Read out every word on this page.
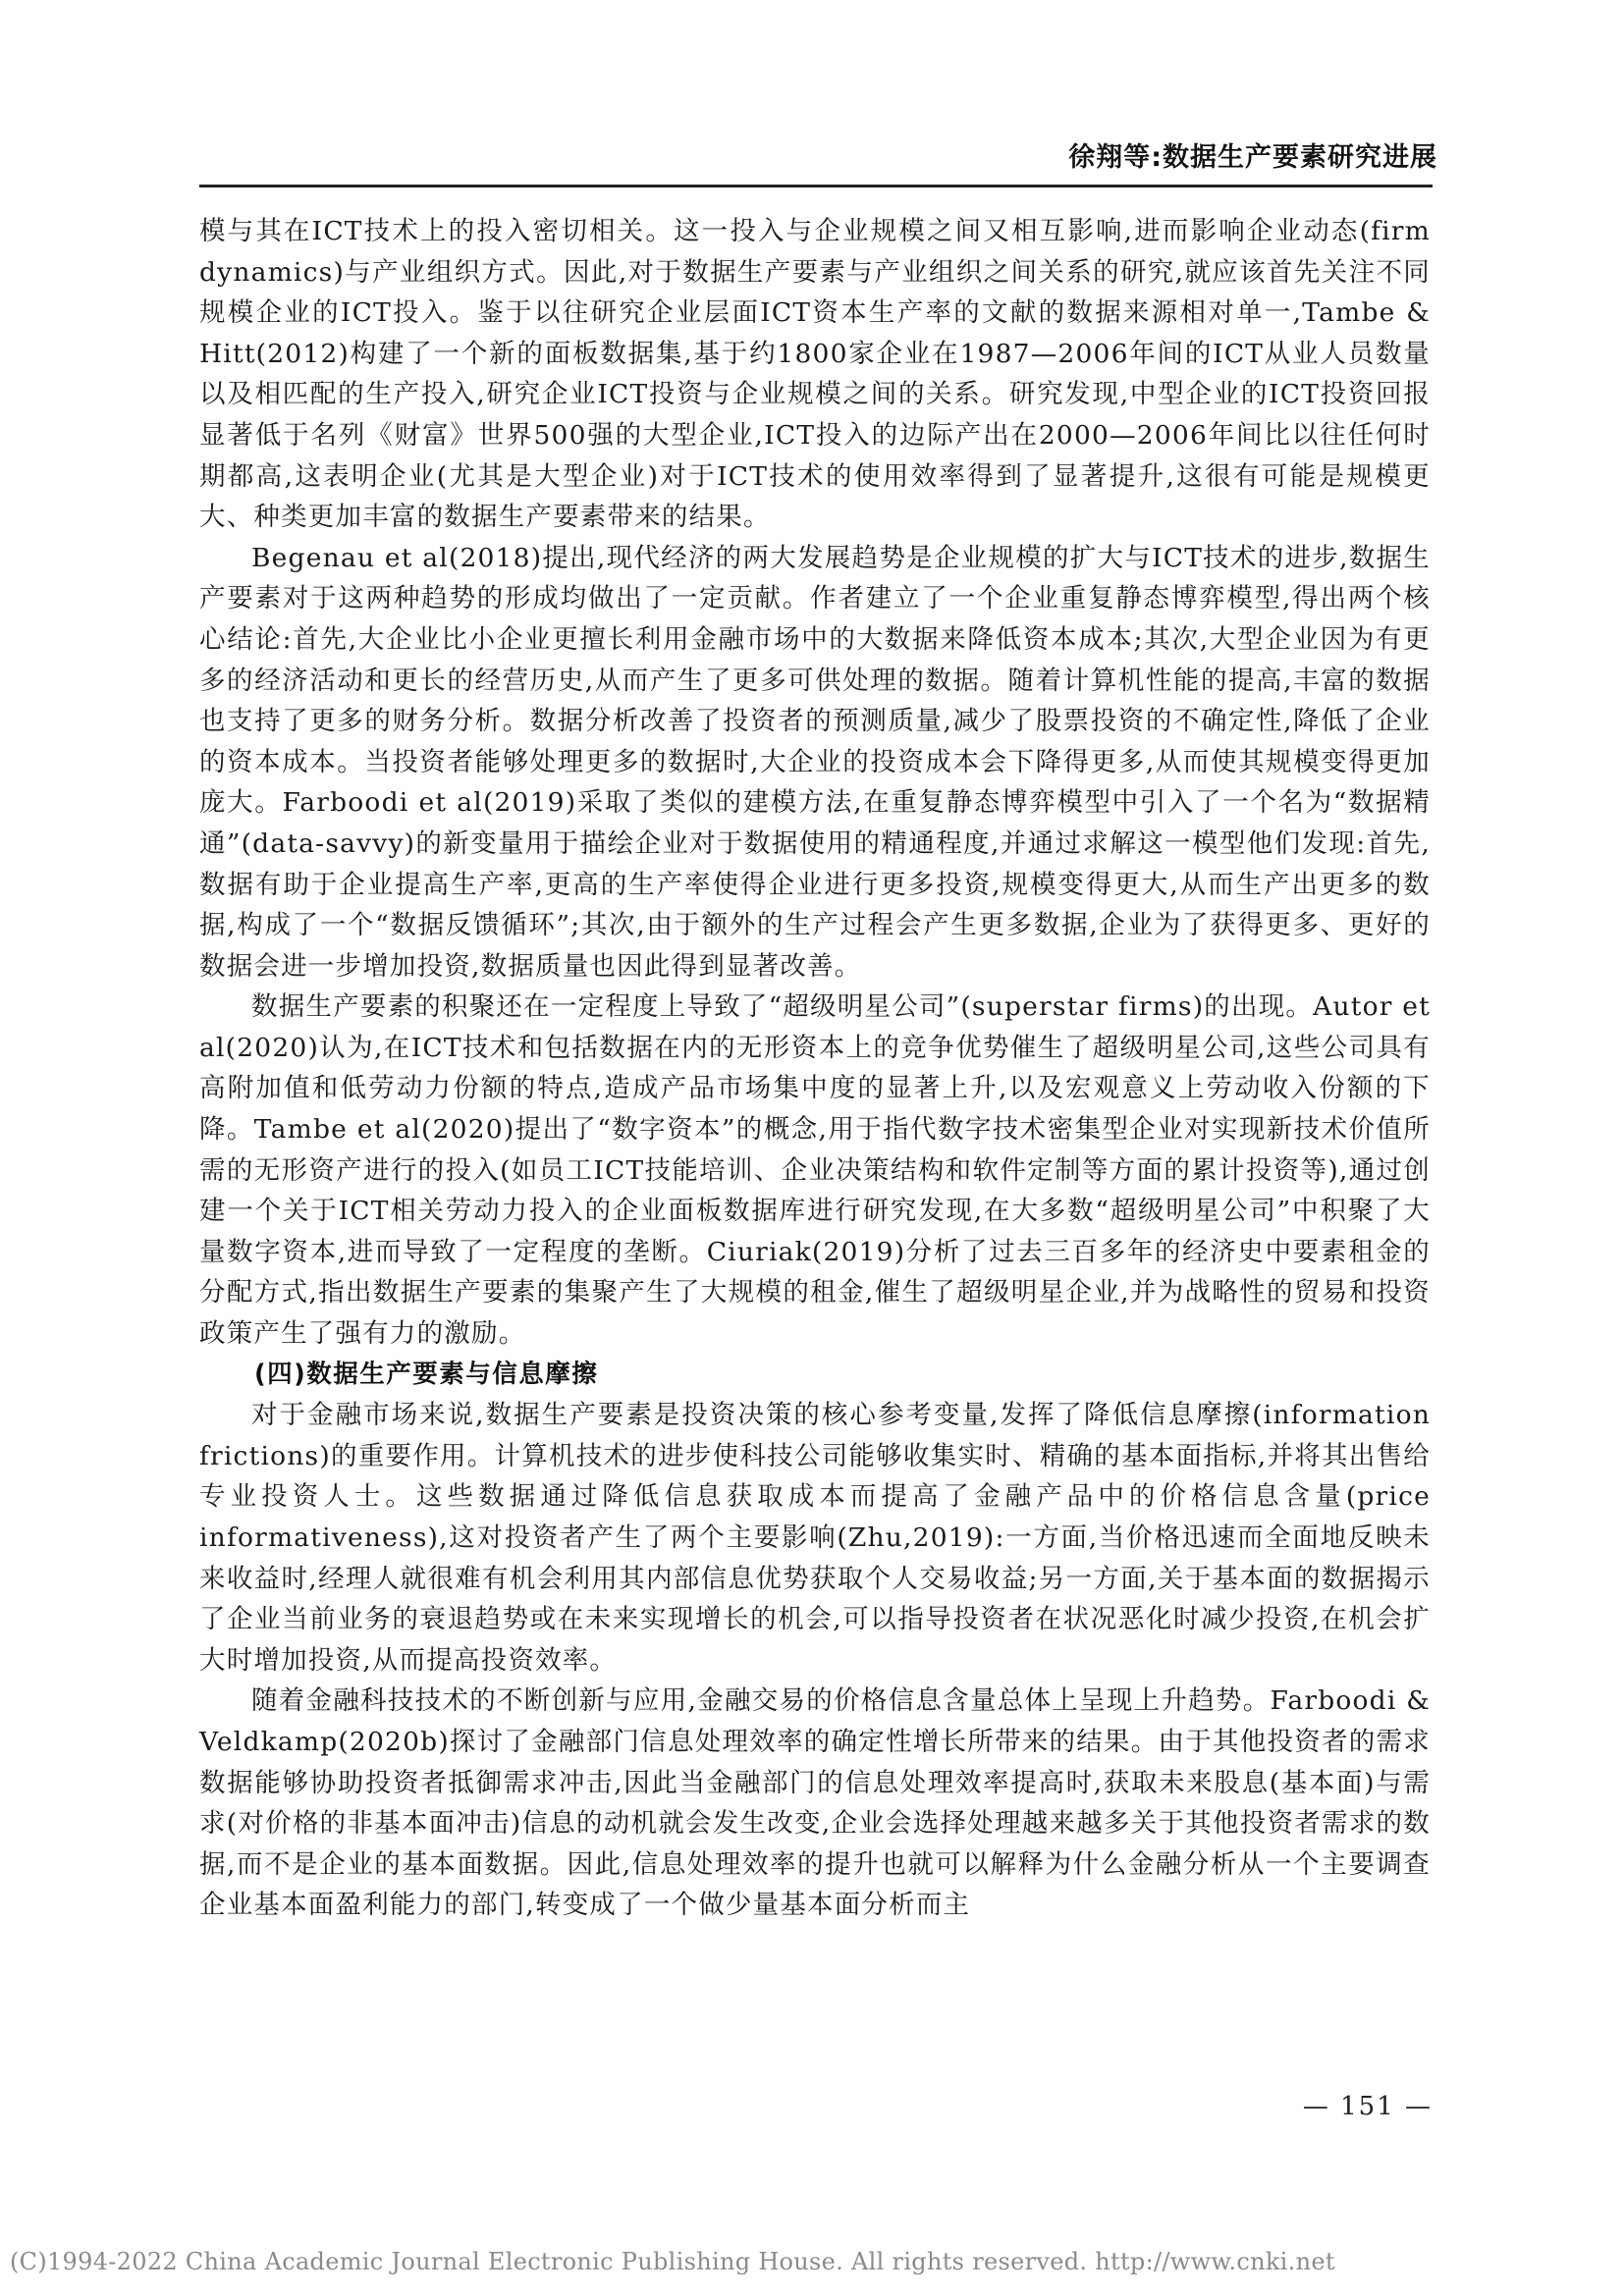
徐翔等:数据生产要素研究进展

模与其在ICT技术上的投入密切相关。这一投入与企业规模之间又相互影响,进而影响企业动态(firm dynamics)与产业组织方式。因此,对于数据生产要素与产业组织之间关系的研究,就应该首先关注不同规模企业的ICT投入。鉴于以往研究企业层面ICT资本生产率的文献的数据来源相对单一,Tambe & Hitt(2012)构建了一个新的面板数据集,基于约1800家企业在1987—2006年间的ICT从业人员数量以及相匹配的生产投入,研究企业ICT投资与企业规模之间的关系。研究发现,中型企业的ICT投资回报显著低于名列《财富》世界500强的大型企业,ICT投入的边际产出在2000—2006年间比以往任何时期都高,这表明企业(尤其是大型企业)对于ICT技术的使用效率得到了显著提升,这很有可能是规模更大、种类更加丰富的数据生产要素带来的结果。

Begenau et al(2018)提出,现代经济的两大发展趋势是企业规模的扩大与ICT技术的进步,数据生产要素对于这两种趋势的形成均做出了一定贡献。作者建立了一个企业重复静态博弈模型,得出两个核心结论:首先,大企业比小企业更擅长利用金融市场中的大数据来降低资本成本;其次,大型企业因为有更多的经济活动和更长的经营历史,从而产生了更多可供处理的数据。随着计算机性能的提高,丰富的数据也支持了更多的财务分析。数据分析改善了投资者的预测质量,减少了股票投资的不确定性,降低了企业的资本成本。当投资者能够处理更多的数据时,大企业的投资成本会下降得更多,从而使其规模变得更加庞大。Farboodi et al(2019)采取了类似的建模方法,在重复静态博弈模型中引入了一个名为“数据精通”(data-savvy)的新变量用于描绘企业对于数据使用的精通程度,并通过求解这一模型他们发现:首先,数据有助于企业提高生产率,更高的生产率使得企业进行更多投资,规模变得更大,从而生产出更多的数据,构成了一个“数据反馈循环”;其次,由于额外的生产过程会产生更多数据,企业为了获得更多、更好的数据会进一步增加投资,数据质量也因此得到显著改善。

数据生产要素的积聚还在一定程度上导致了“超级明星公司”(superstar firms)的出现。Autor et al(2020)认为,在ICT技术和包括数据在内的无形资本上的竞争优势催生了超级明星公司,这些公司具有高附加值和低劳动力份额的特点,造成产品市场集中度的显著上升,以及宏观意义上劳动收入份额的下降。Tambe et al(2020)提出了“数字资本”的概念,用于指代数字技术密集型企业对实现新技术价值所需的无形资产进行的投入(如员工ICT技能培训、企业决策结构和软件定制等方面的累计投资等),通过创建一个关于ICT相关劳动力投入的企业面板数据库进行研究发现,在大多数“超级明星公司”中积聚了大量数字资本,进而导致了一定程度的垄断。Ciuriak(2019)分析了过去三百多年的经济史中要素租金的分配方式,指出数据生产要素的集聚产生了大规模的租金,催生了超级明星企业,并为战略性的贸易和投资政策产生了强有力的激励。

(四)数据生产要素与信息摩擦

对于金融市场来说,数据生产要素是投资决策的核心参考变量,发挥了降低信息摩擦(information frictions)的重要作用。计算机技术的进步使科技公司能够收集实时、精确的基本面指标,并将其出售给专业投资人士。这些数据通过降低信息获取成本而提高了金融产品中的价格信息含量(price informativeness),这对投资者产生了两个主要影响(Zhu,2019):一方面,当价格迅速而全面地反映未来收益时,经理人就很难有机会利用其内部信息优势获取个人交易收益;另一方面,关于基本面的数据揭示了企业当前业务的衰退趋势或在未来实现增长的机会,可以指导投资者在状况恶化时减少投资,在机会扩大时增加投资,从而提高投资效率。

随着金融科技技术的不断创新与应用,金融交易的价格信息含量总体上呈现上升趋势。Farboodi & Veldkamp(2020b)探讨了金融部门信息处理效率的确定性增长所带来的结果。由于其他投资者的需求数据能够协助投资者抵御需求冲击,因此当金融部门的信息处理效率提高时,获取未来股息(基本面)与需求(对价格的非基本面冲击)信息的动机就会发生改变,企业会选择处理越来越多关于其他投资者需求的数据,而不是企业的基本面数据。因此,信息处理效率的提升也就可以解释为什么金融分析从一个主要调查企业基本面盈利能力的部门,转变成了一个做少量基本面分析而主

— 151 —
(C)1994-2022 China Academic Journal Electronic Publishing House. All rights reserved. http://www.cnki.net
